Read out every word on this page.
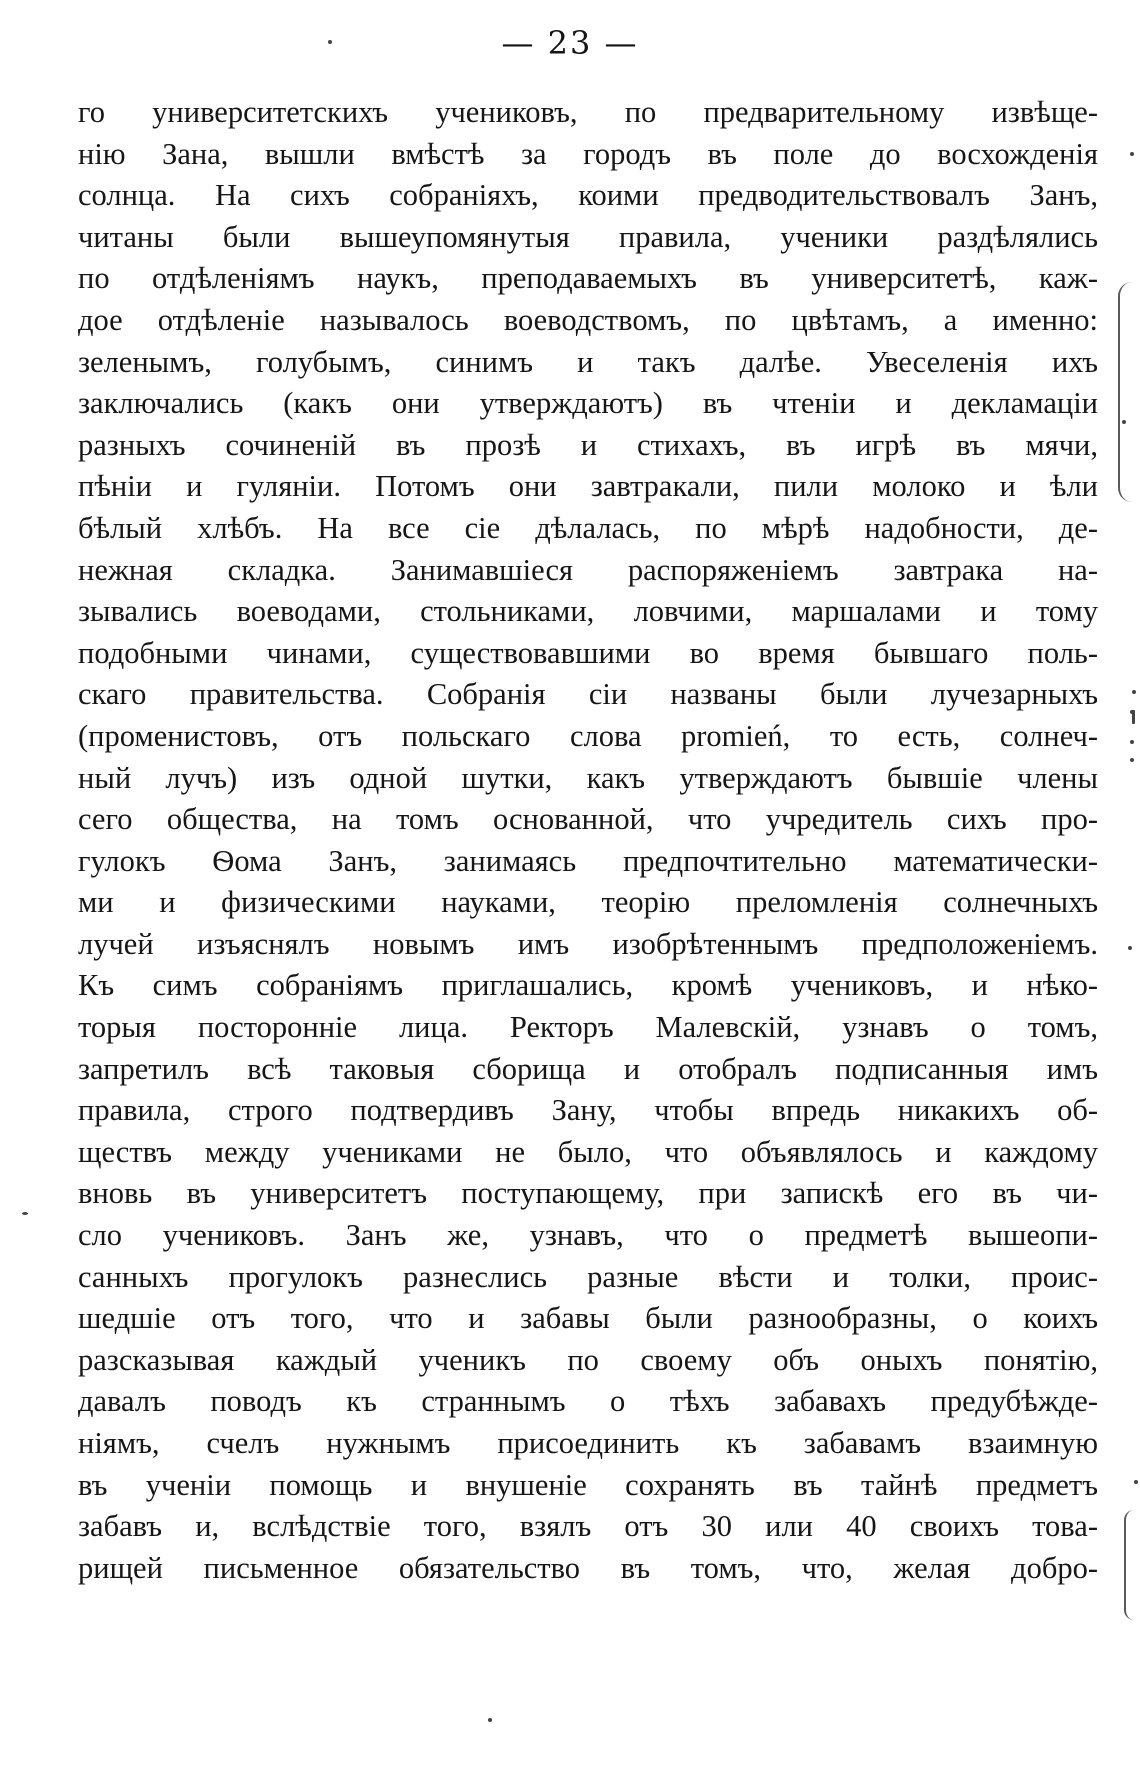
— 23 —
го университетскихъ учениковъ, по предварительному извѣще-
нію Зана, вышли вмѣстѣ за городъ въ поле до восхожденія
солнца. На сихъ собраніяхъ, коими предводительствовалъ Занъ,
читаны были вышеупомянутыя правила, ученики раздѣлялись
по отдѣленіямъ наукъ, преподаваемыхъ въ университетѣ, каж-
дое отдѣленіе называлось воеводствомъ, по цвѣтамъ, а именно:
зеленымъ, голубымъ, синимъ и такъ далѣе. Увеселенія ихъ
заключались (какъ они утверждаютъ) въ чтеніи и декламаціи
разныхъ сочиненій въ прозѣ и стихахъ, въ игрѣ въ мячи,
пѣніи и гуляніи. Потомъ они завтракали, пили молоко и ѣли
бѣлый хлѣбъ. На все сіе дѣлалась, по мѣрѣ надобности, де-
нежная складка. Занимавшіеся распоряженіемъ завтрака на-
зывались воеводами, стольниками, ловчими, маршалами и тому
подобными чинами, существовавшими во время бывшаго поль-
скаго правительства. Собранія сіи названы были лучезарныхъ
(променистовъ, отъ польскаго слова promień, то есть, солнеч-
ный лучъ) изъ одной шутки, какъ утверждаютъ бывшіе члены
сего общества, на томъ основанной, что учредитель сихъ про-
гулокъ Ѳома Занъ, занимаясь предпочтительно математически-
ми и физическими науками, теорію преломленія солнечныхъ
лучей изъяснялъ новымъ имъ изобрѣтеннымъ предположеніемъ.
Къ симъ собраніямъ приглашались, кромѣ учениковъ, и нѣко-
торыя посторонніе лица. Ректоръ Малевскій, узнавъ о томъ,
запретилъ всѣ таковыя сборища и отобралъ подписанныя имъ
правила, строго подтвердивъ Зану, чтобы впредь никакихъ об-
ществъ между учениками не было, что объявлялось и каждому
вновь въ университетъ поступающему, при запискѣ его въ чи-
сло учениковъ. Занъ же, узнавъ, что о предметѣ вышеопи-
санныхъ прогулокъ разнеслись разные вѣсти и толки, проис-
шедшіе отъ того, что и забавы были разнообразны, о коихъ
разсказывая каждый ученикъ по своему объ оныхъ понятію,
давалъ поводъ къ страннымъ о тѣхъ забавахъ предубѣжде-
ніямъ, счелъ нужнымъ присоединить къ забавамъ взаимную
въ ученіи помощь и внушеніе сохранять въ тайнѣ предметъ
забавъ и, вслѣдствіе того, взялъ отъ 30 или 40 своихъ това-
рищей письменное обязательство въ томъ, что, желая добро-
